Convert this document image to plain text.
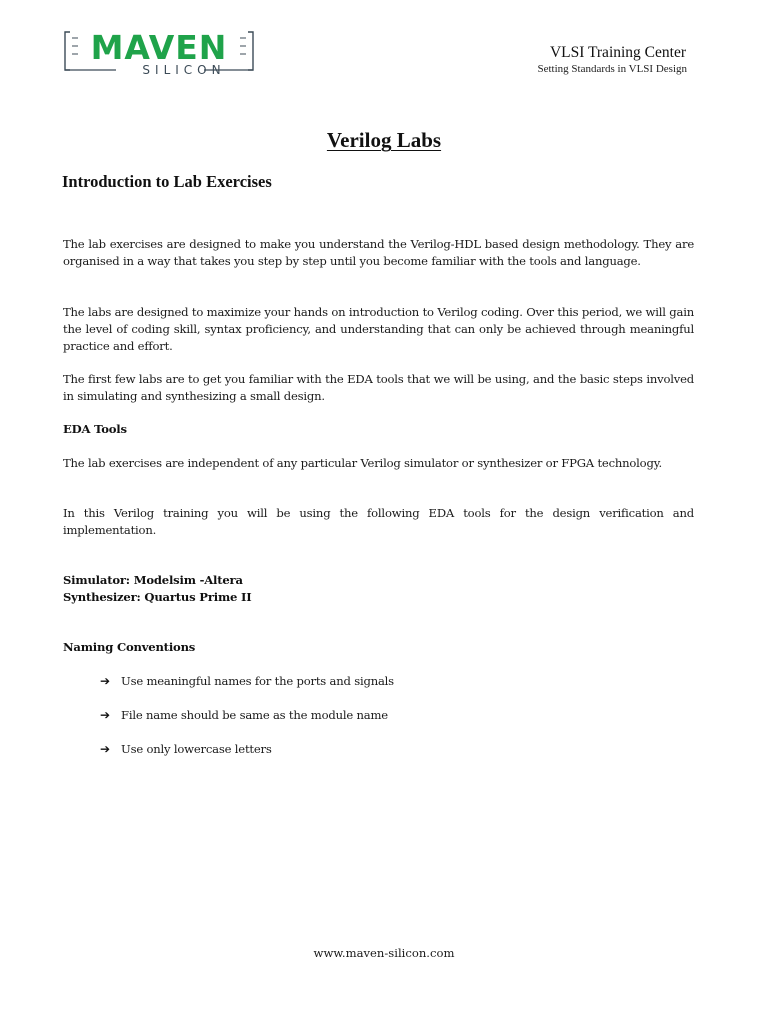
MAVEN
SILICON
VLSI Training Center
Setting Standards in VLSI Design
Verilog Labs
Introduction to Lab Exercises

The lab exercises are designed to make you understand the Verilog-HDL based design methodology. They are organised in a way that takes you step by step until you become familiar with the tools and language.

The labs are designed to maximize your hands on introduction to Verilog coding. Over this period, we will gain the level of coding skill, syntax proficiency, and understanding that can only be achieved through meaningful practice and effort.

The first few labs are to get you familiar with the EDA tools that we will be using, and the basic steps involved in simulating and synthesizing a small design.

EDA Tools

The lab exercises are independent of any particular Verilog simulator or synthesizer or FPGA technology.

In this Verilog training you will be using the following EDA tools for the design verification and implementation.

Simulator: Modelsim -Altera

Synthesizer: Quartus Prime II

Naming Conventions

➔ Use meaningful names for the ports and signals
➔ File name should be same as the module name
➔ Use only lowercase letters
www.maven-silicon.com
